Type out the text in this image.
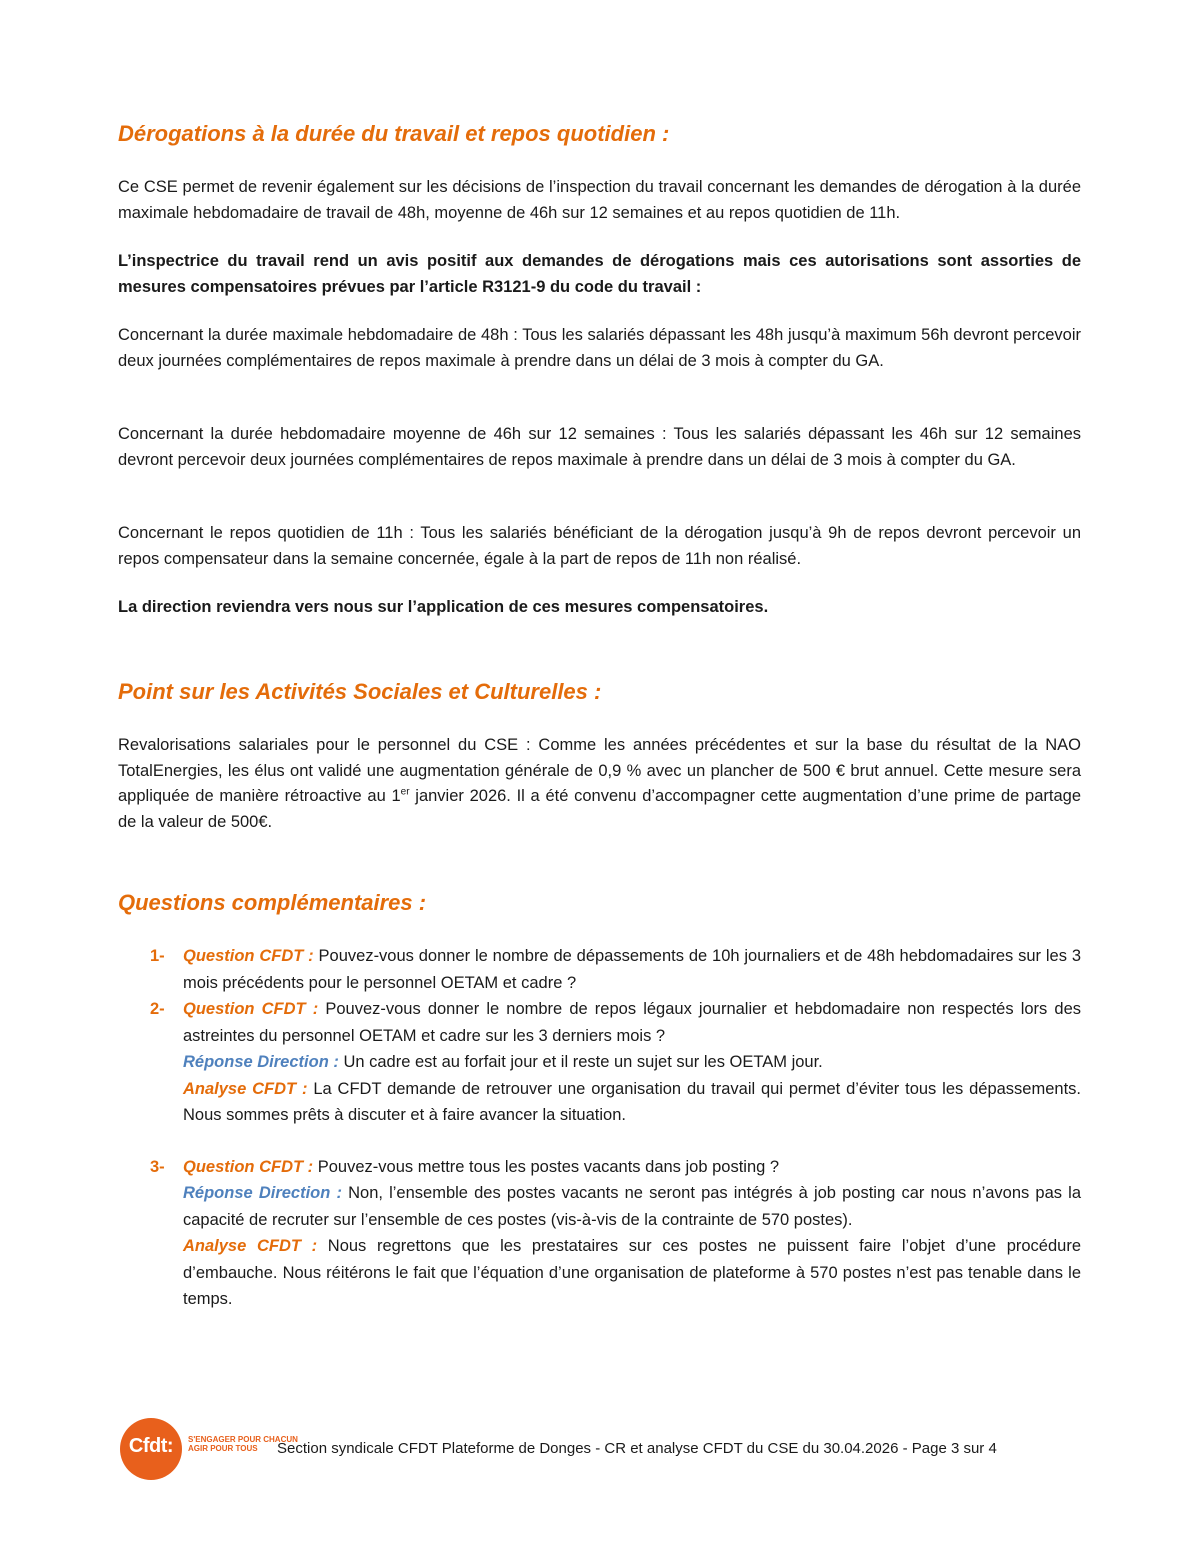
Dérogations à la durée du travail et repos quotidien :

Ce CSE permet de revenir également sur les décisions de l’inspection du travail concernant les demandes de dérogation à la durée maximale hebdomadaire de travail de 48h, moyenne de 46h sur 12 semaines et au repos quotidien de 11h.

L’inspectrice du travail rend un avis positif aux demandes de dérogations mais ces autorisations sont assorties de mesures compensatoires prévues par l’article R3121-9 du code du travail :

Concernant la durée maximale hebdomadaire de 48h : Tous les salariés dépassant les 48h jusqu’à maximum 56h devront percevoir deux journées complémentaires de repos maximale à prendre dans un délai de 3 mois à compter du GA.

Concernant la durée hebdomadaire moyenne de 46h sur 12 semaines : Tous les salariés dépassant les 46h sur 12 semaines devront percevoir deux journées complémentaires de repos maximale à prendre dans un délai de 3 mois à compter du GA.

Concernant le repos quotidien de 11h : Tous les salariés bénéficiant de la dérogation jusqu’à 9h de repos devront percevoir un repos compensateur dans la semaine concernée, égale à la part de repos de 11h non réalisé.

La direction reviendra vers nous sur l’application de ces mesures compensatoires.

Point sur les Activités Sociales et Culturelles :

Revalorisations salariales pour le personnel du CSE : Comme les années précédentes et sur la base du résultat de la NAO TotalEnergies, les élus ont validé une augmentation générale de 0,9 % avec un plancher de 500 € brut annuel. Cette mesure sera appliquée de manière rétroactive au 1er janvier 2026. Il a été convenu d’accompagner cette augmentation d’une prime de partage de la valeur de 500€.

Questions complémentaires :
1- Question CFDT : Pouvez-vous donner le nombre de dépassements de 10h journaliers et de 48h hebdomadaires sur les 3 mois précédents pour le personnel OETAM et cadre ?
2- Question CFDT : Pouvez-vous donner le nombre de repos légaux journalier et hebdomadaire non respectés lors des astreintes du personnel OETAM et cadre sur les 3 derniers mois ?
Réponse Direction : Un cadre est au forfait jour et il reste un sujet sur les OETAM jour.
Analyse CFDT : La CFDT demande de retrouver une organisation du travail qui permet d’éviter tous les dépassements. Nous sommes prêts à discuter et à faire avancer la situation.
3- Question CFDT : Pouvez-vous mettre tous les postes vacants dans job posting ?
Réponse Direction : Non, l’ensemble des postes vacants ne seront pas intégrés à job posting car nous n’avons pas la capacité de recruter sur l’ensemble de ces postes (vis-à-vis de la contrainte de 570 postes).
Analyse CFDT : Nous regrettons que les prestataires sur ces postes ne puissent faire l’objet d’une procédure d’embauche. Nous réitérons le fait que l’équation d’une organisation de plateforme à 570 postes n’est pas tenable dans le temps.
Cfdt:	S'ENGAGER POUR CHACUN
AGIR POUR TOUS	Section syndicale CFDT Plateforme de Donges - CR et analyse CFDT du CSE du 30.04.2026 - Page 3 sur 4
